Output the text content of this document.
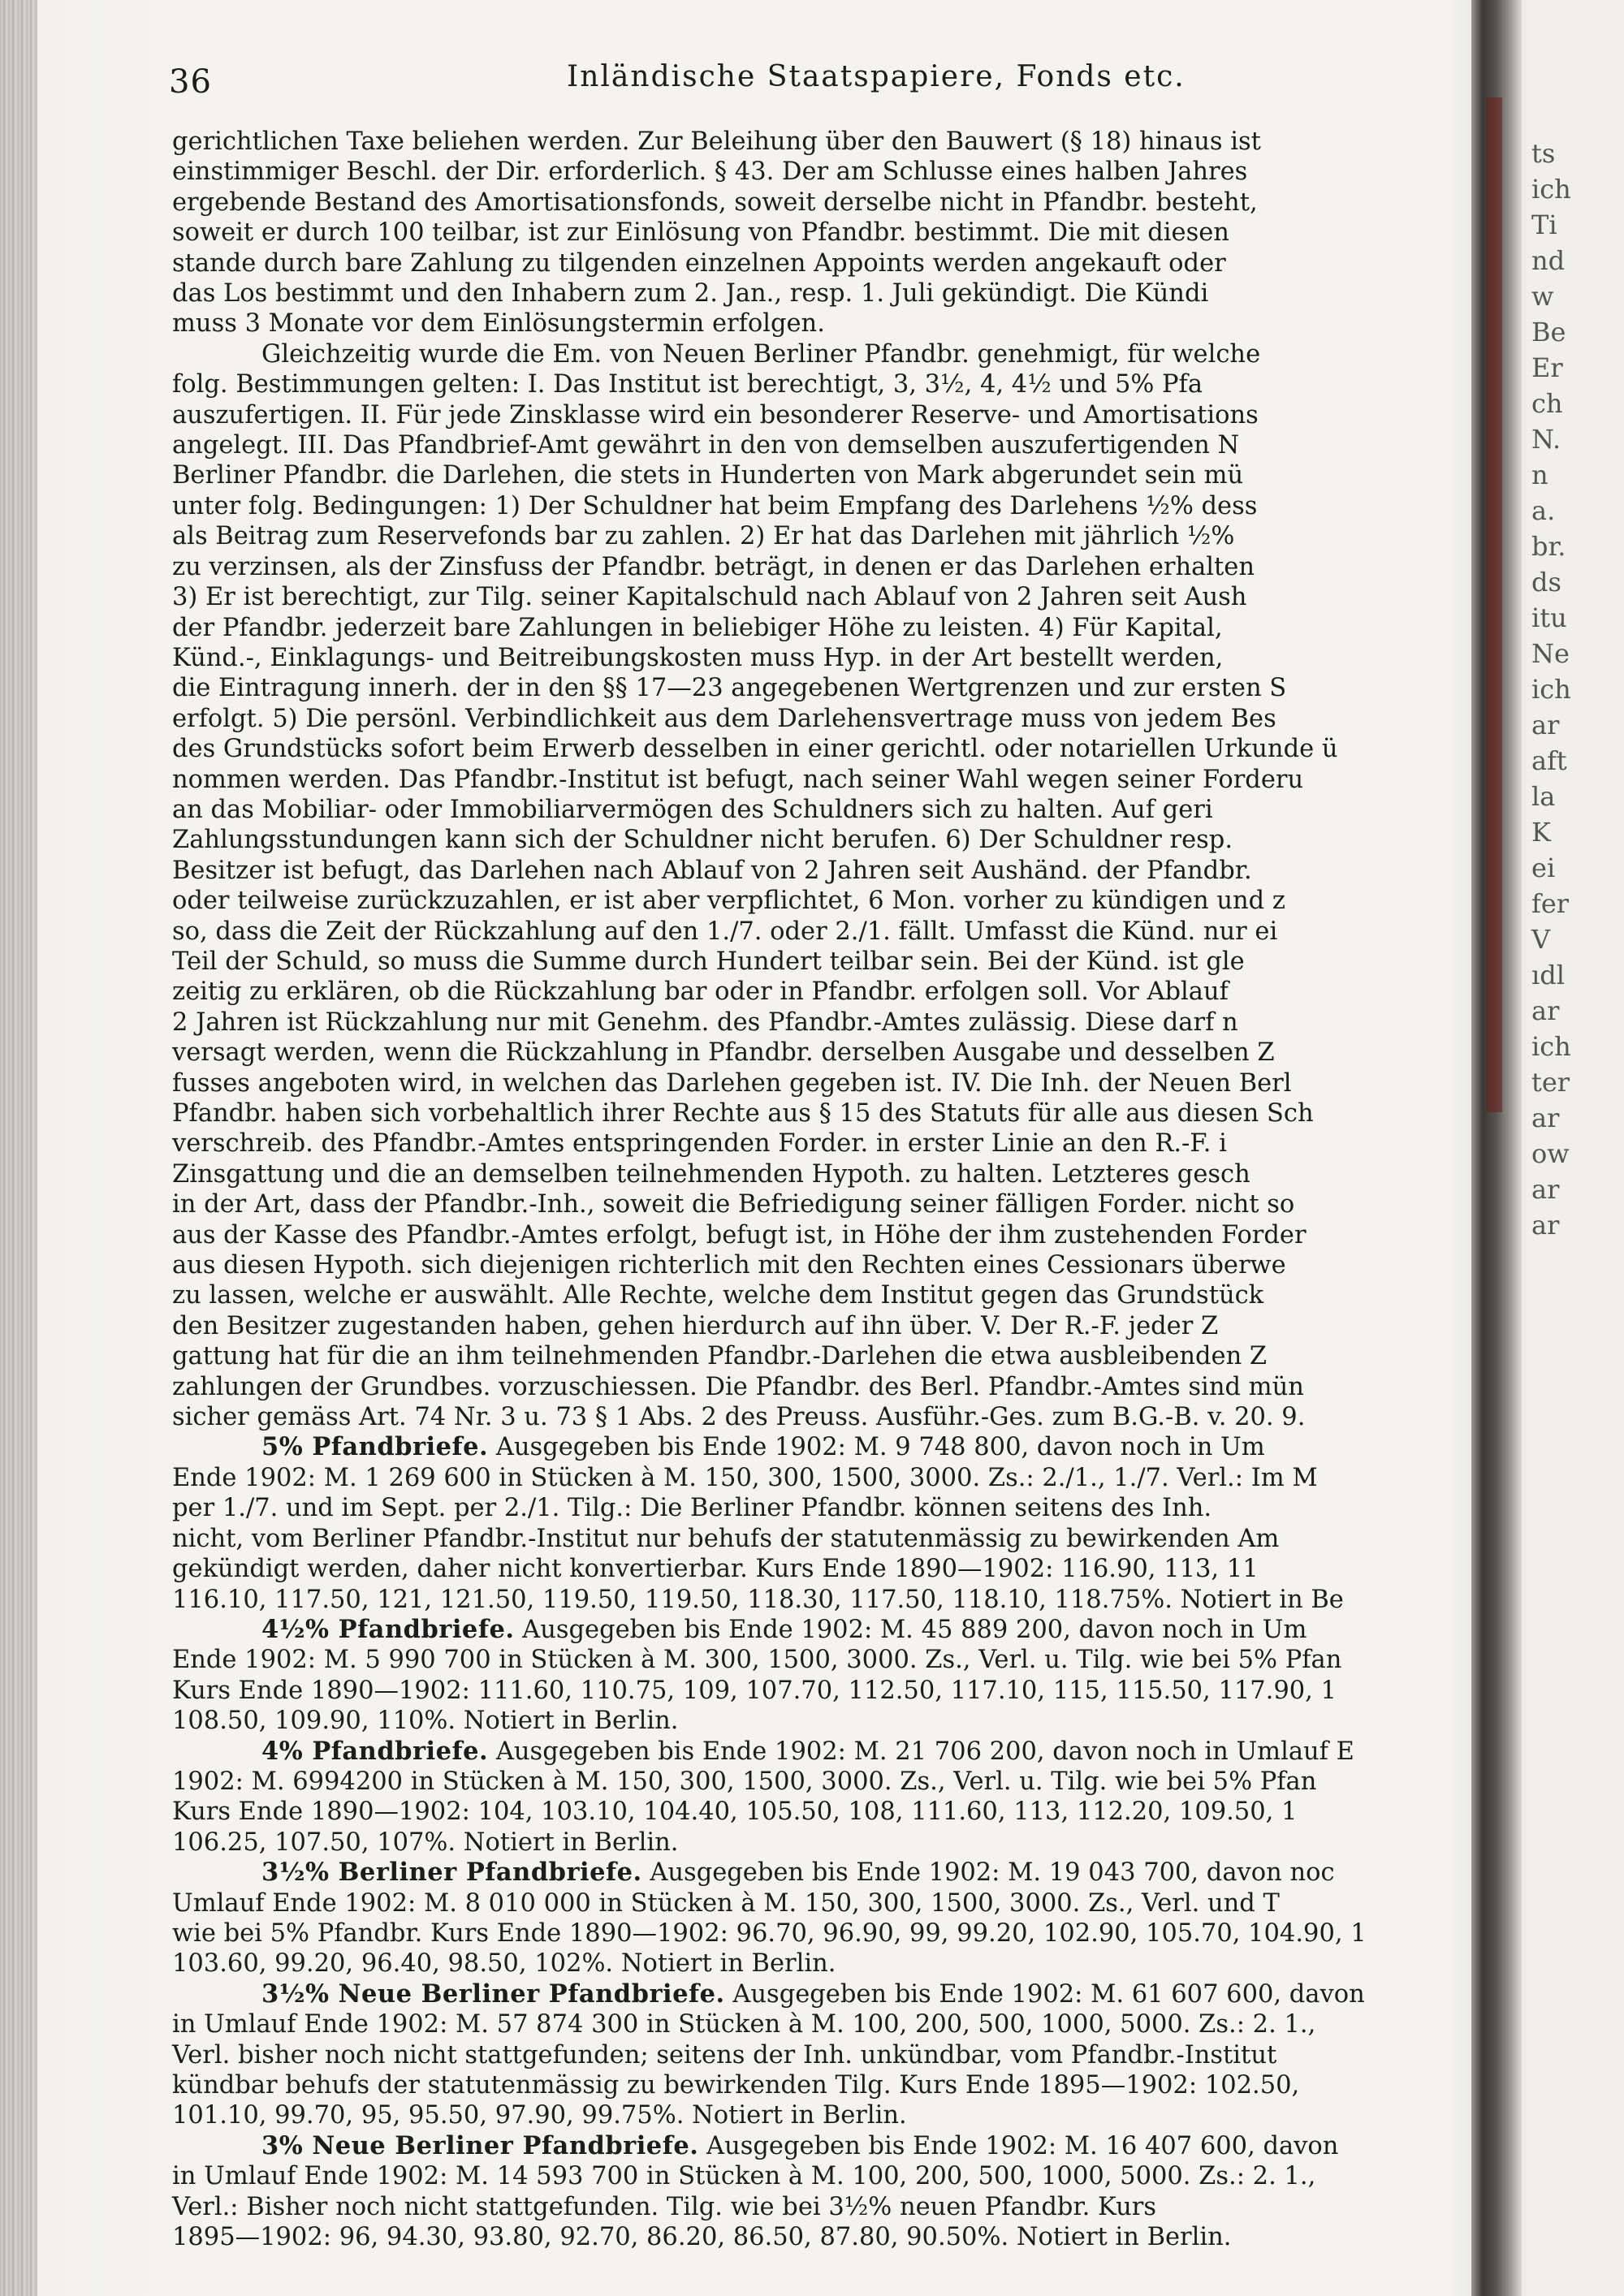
36	Inländische Staatspapiere, Fonds etc.
gerichtlichen Taxe beliehen werden. Zur Beleihung über den Bauwert (§ 18) hinaus ist
einstimmiger Beschl. der Dir. erforderlich. § 43. Der am Schlusse eines halben Jahres
ergebende Bestand des Amortisationsfonds, soweit derselbe nicht in Pfandbr. besteht,
soweit er durch 100 teilbar, ist zur Einlösung von Pfandbr. bestimmt. Die mit diesen
stande durch bare Zahlung zu tilgenden einzelnen Appoints werden angekauft oder
das Los bestimmt und den Inhabern zum 2. Jan., resp. 1. Juli gekündigt. Die Kündi
muss 3 Monate vor dem Einlösungstermin erfolgen.
Gleichzeitig wurde die Em. von Neuen Berliner Pfandbr. genehmigt, für welche
folg. Bestimmungen gelten: I. Das Institut ist berechtigt, 3, 3½, 4, 4½ und 5% Pfa
auszufertigen. II. Für jede Zinsklasse wird ein besonderer Reserve- und Amortisations
angelegt. III. Das Pfandbrief-Amt gewährt in den von demselben auszufertigenden N
Berliner Pfandbr. die Darlehen, die stets in Hunderten von Mark abgerundet sein mü
unter folg. Bedingungen: 1) Der Schuldner hat beim Empfang des Darlehens ½% dess
als Beitrag zum Reservefonds bar zu zahlen. 2) Er hat das Darlehen mit jährlich ½%
zu verzinsen, als der Zinsfuss der Pfandbr. beträgt, in denen er das Darlehen erhalten
3) Er ist berechtigt, zur Tilg. seiner Kapitalschuld nach Ablauf von 2 Jahren seit Aush
der Pfandbr. jederzeit bare Zahlungen in beliebiger Höhe zu leisten. 4) Für Kapital,
Künd.-, Einklagungs- und Beitreibungskosten muss Hyp. in der Art bestellt werden,
die Eintragung innerh. der in den §§ 17—23 angegebenen Wertgrenzen und zur ersten S
erfolgt. 5) Die persönl. Verbindlichkeit aus dem Darlehensvertrage muss von jedem Bes
des Grundstücks sofort beim Erwerb desselben in einer gerichtl. oder notariellen Urkunde ü
nommen werden. Das Pfandbr.-Institut ist befugt, nach seiner Wahl wegen seiner Forderu
an das Mobiliar- oder Immobiliarvermögen des Schuldners sich zu halten. Auf geri
Zahlungsstundungen kann sich der Schuldner nicht berufen. 6) Der Schuldner resp.
Besitzer ist befugt, das Darlehen nach Ablauf von 2 Jahren seit Aushänd. der Pfandbr.
oder teilweise zurückzuzahlen, er ist aber verpflichtet, 6 Mon. vorher zu kündigen und z
so, dass die Zeit der Rückzahlung auf den 1./7. oder 2./1. fällt. Umfasst die Künd. nur ei
Teil der Schuld, so muss die Summe durch Hundert teilbar sein. Bei der Künd. ist gle
zeitig zu erklären, ob die Rückzahlung bar oder in Pfandbr. erfolgen soll. Vor Ablauf
2 Jahren ist Rückzahlung nur mit Genehm. des Pfandbr.-Amtes zulässig. Diese darf n
versagt werden, wenn die Rückzahlung in Pfandbr. derselben Ausgabe und desselben Z
fusses angeboten wird, in welchen das Darlehen gegeben ist. IV. Die Inh. der Neuen Berl
Pfandbr. haben sich vorbehaltlich ihrer Rechte aus § 15 des Statuts für alle aus diesen Sch
verschreib. des Pfandbr.-Amtes entspringenden Forder. in erster Linie an den R.-F. i
Zinsgattung und die an demselben teilnehmenden Hypoth. zu halten. Letzteres gesch
in der Art, dass der Pfandbr.-Inh., soweit die Befriedigung seiner fälligen Forder. nicht so
aus der Kasse des Pfandbr.-Amtes erfolgt, befugt ist, in Höhe der ihm zustehenden Forder
aus diesen Hypoth. sich diejenigen richterlich mit den Rechten eines Cessionars überwe
zu lassen, welche er auswählt. Alle Rechte, welche dem Institut gegen das Grundstück
den Besitzer zugestanden haben, gehen hierdurch auf ihn über. V. Der R.-F. jeder Z
gattung hat für die an ihm teilnehmenden Pfandbr.-Darlehen die etwa ausbleibenden Z
zahlungen der Grundbes. vorzuschiessen. Die Pfandbr. des Berl. Pfandbr.-Amtes sind mün
sicher gemäss Art. 74 Nr. 3 u. 73 § 1 Abs. 2 des Preuss. Ausführ.-Ges. zum B.G.-B. v. 20. 9.
5% Pfandbriefe. Ausgegeben bis Ende 1902: M. 9 748 800, davon noch in Um
Ende 1902: M. 1 269 600 in Stücken à M. 150, 300, 1500, 3000. Zs.: 2./1., 1./7. Verl.: Im M
per 1./7. und im Sept. per 2./1. Tilg.: Die Berliner Pfandbr. können seitens des Inh.
nicht, vom Berliner Pfandbr.-Institut nur behufs der statutenmässig zu bewirkenden Am
gekündigt werden, daher nicht konvertierbar. Kurs Ende 1890—1902: 116.90, 113, 11
116.10, 117.50, 121, 121.50, 119.50, 119.50, 118.30, 117.50, 118.10, 118.75%. Notiert in Be
4½% Pfandbriefe. Ausgegeben bis Ende 1902: M. 45 889 200, davon noch in Um
Ende 1902: M. 5 990 700 in Stücken à M. 300, 1500, 3000. Zs., Verl. u. Tilg. wie bei 5% Pfan
Kurs Ende 1890—1902: 111.60, 110.75, 109, 107.70, 112.50, 117.10, 115, 115.50, 117.90, 1
108.50, 109.90, 110%. Notiert in Berlin.
4% Pfandbriefe. Ausgegeben bis Ende 1902: M. 21 706 200, davon noch in Umlauf E
1902: M. 6994200 in Stücken à M. 150, 300, 1500, 3000. Zs., Verl. u. Tilg. wie bei 5% Pfan
Kurs Ende 1890—1902: 104, 103.10, 104.40, 105.50, 108, 111.60, 113, 112.20, 109.50, 1
106.25, 107.50, 107%. Notiert in Berlin.
3½% Berliner Pfandbriefe. Ausgegeben bis Ende 1902: M. 19 043 700, davon noc
Umlauf Ende 1902: M. 8 010 000 in Stücken à M. 150, 300, 1500, 3000. Zs., Verl. und T
wie bei 5% Pfandbr. Kurs Ende 1890—1902: 96.70, 96.90, 99, 99.20, 102.90, 105.70, 104.90, 1
103.60, 99.20, 96.40, 98.50, 102%. Notiert in Berlin.
3½% Neue Berliner Pfandbriefe. Ausgegeben bis Ende 1902: M. 61 607 600, davon
in Umlauf Ende 1902: M. 57 874 300 in Stücken à M. 100, 200, 500, 1000, 5000. Zs.: 2. 1.,
Verl. bisher noch nicht stattgefunden; seitens der Inh. unkündbar, vom Pfandbr.-Institut
kündbar behufs der statutenmässig zu bewirkenden Tilg. Kurs Ende 1895—1902: 102.50,
101.10, 99.70, 95, 95.50, 97.90, 99.75%. Notiert in Berlin.
3% Neue Berliner Pfandbriefe. Ausgegeben bis Ende 1902: M. 16 407 600, davon
in Umlauf Ende 1902: M. 14 593 700 in Stücken à M. 100, 200, 500, 1000, 5000. Zs.: 2. 1.,
Verl.: Bisher noch nicht stattgefunden. Tilg. wie bei 3½% neuen Pfandbr. Kurs
1895—1902: 96, 94.30, 93.80, 92.70, 86.20, 86.50, 87.80, 90.50%. Notiert in Berlin.
ts
ich
Ti
nd
w
Be
Er
ch
N.
n
a.
br.
ds
itu
Ne
ich
ar
aft
la
K
ei
fer
V
ıdl
ar
ich
ter
ar
ow
ar
ar
